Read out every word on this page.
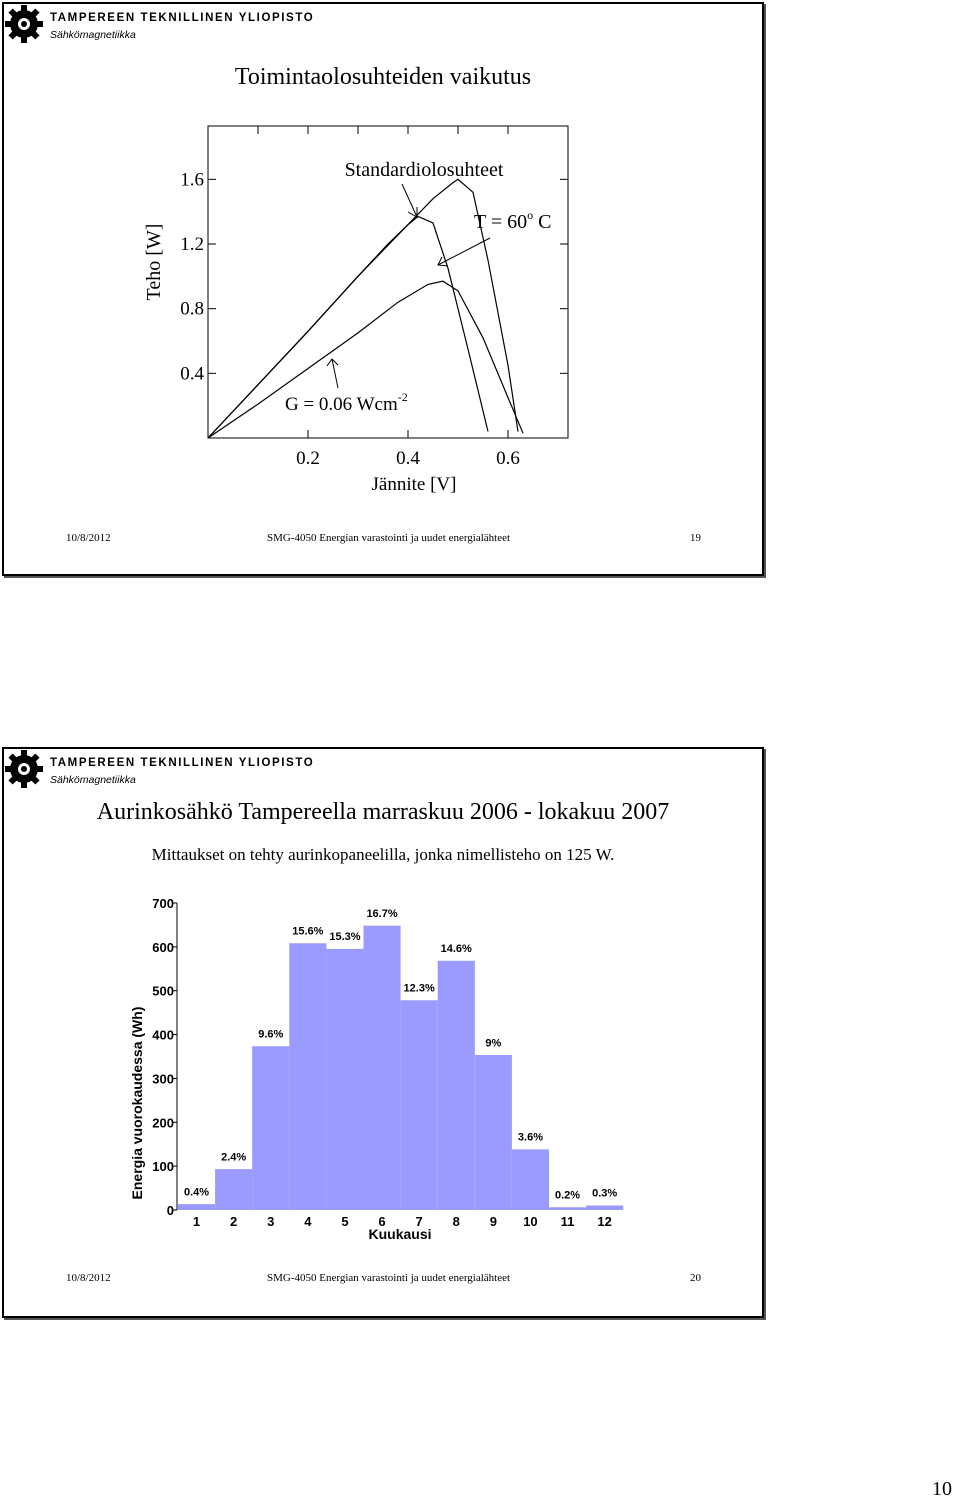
TAMPEREEN TEKNILLINEN YLIOPISTO
Sähkömagnetiikka
Toimintaolosuhteiden vaikutus
0.4
0.8
1.2
1.6
0.2	0.4	0.6
Teho [W]
Jännite [V]
Standardiolosuhteet
$T = 60^o$ C
G = 0.06 Wcm$^{-2}$
10/8/2012	SMG-4050 Energian varastointi ja uudet energialähteet	19
TAMPEREEN TEKNILLINEN YLIOPISTO
Sähkömagnetiikka
Aurinkosähkö Tampereella marraskuu 2006 - lokakuu 2007
Mittaukset on tehty aurinkopaneelilla, jonka nimellisteho on 125 W.
0.4%
2.4%
9.6%
15.6% 15.3%
16.7%
12.3%
14.6%
9%
3.6%
0.2% 0.3%
0
100
200
300
400
500
600
700
1 2 3 4 5 6 7 8 9 10 11 12
Energia vuorokaudessa (Wh)
Kuukausi
10/8/2012	SMG-4050 Energian varastointi ja uudet energialähteet	20
10
